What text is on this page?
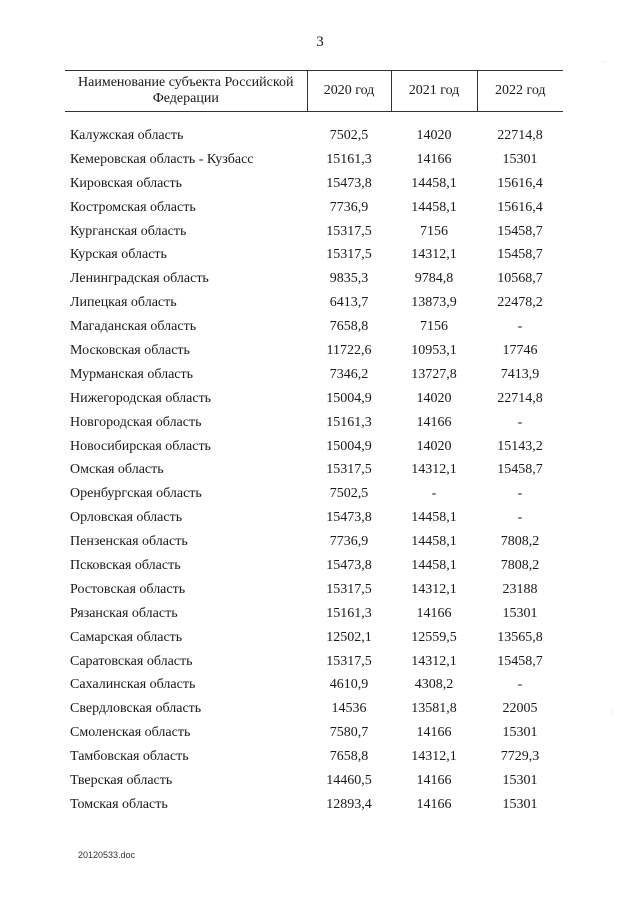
3
Наименование субъекта Российской Федерации	2020 год	2021 год	2022 год

Калужская область	7502,5	14020	22714,8
Кемеровская область - Кузбасс	15161,3	14166	15301
Кировская область	15473,8	14458,1	15616,4
Костромская область	7736,9	14458,1	15616,4
Курганская область	15317,5	7156	15458,7
Курская область	15317,5	14312,1	15458,7
Ленинградская область	9835,3	9784,8	10568,7
Липецкая область	6413,7	13873,9	22478,2
Магаданская область	7658,8	7156	-
Московская область	11722,6	10953,1	17746
Мурманская область	7346,2	13727,8	7413,9
Нижегородская область	15004,9	14020	22714,8
Новгородская область	15161,3	14166	-
Новосибирская область	15004,9	14020	15143,2
Омская область	15317,5	14312,1	15458,7
Оренбургская область	7502,5	-	-
Орловская область	15473,8	14458,1	-
Пензенская область	7736,9	14458,1	7808,2
Псковская область	15473,8	14458,1	7808,2
Ростовская область	15317,5	14312,1	23188
Рязанская область	15161,3	14166	15301
Самарская область	12502,1	12559,5	13565,8
Саратовская область	15317,5	14312,1	15458,7
Сахалинская область	4610,9	4308,2	-
Свердловская область	14536	13581,8	22005
Смоленская область	7580,7	14166	15301
Тамбовская область	7658,8	14312,1	7729,3
Тверская область	14460,5	14166	15301
Томская область	12893,4	14166	15301
20120533.doc
·
·
